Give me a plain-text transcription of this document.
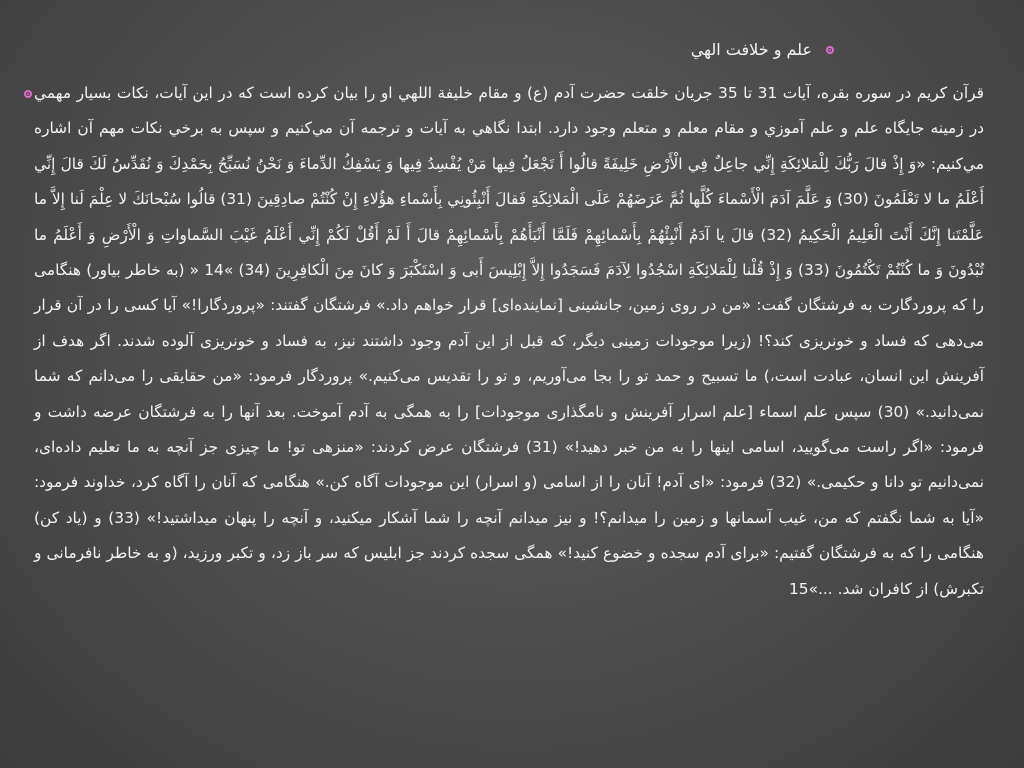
علم و خلافت الهي
قرآن كريم در سوره بقره، آيات 31 تا 35 جريان خلقت حضرت آدم (ع) و مقام خليفة اللهي او را بيان كرده است كه در اين آيات، نكات بسيار مهمي در زمينه جايگاه علم و علم آموزي و مقام معلم و متعلم وجود دارد. ابتدا نگاهي به آيات و ترجمه آن مي‌كنيم و سپس به برخي نكات مهم آن اشاره مي‌كنيم: «وَ إِذْ قالَ رَبُّكَ لِلْمَلائِكَةِ إِنِّي جاعِلٌ فِي الْأَرْضِ خَلِيفَةً قالُوا أَ تَجْعَلُ فِيها مَنْ يُفْسِدُ فِيها وَ يَسْفِكُ الدِّماءَ وَ نَحْنُ نُسَبِّحُ بِحَمْدِكَ وَ نُقَدِّسُ لَكَ قالَ إِنِّي أَعْلَمُ ما لا تَعْلَمُونَ (30) وَ عَلَّمَ آدَمَ الْأَسْماءَ كُلَّها ثُمَّ عَرَضَهُمْ عَلَى الْمَلائِكَةِ فَقالَ أَنْبِئُونِي بِأَسْماءِ هؤُلاءِ إِنْ كُنْتُمْ صادِقِينَ (31) قالُوا سُبْحانَكَ لا عِلْمَ لَنا إِلاَّ ما عَلَّمْتَنا إِنَّكَ أَنْتَ الْعَلِيمُ الْحَكِيمُ (32) قالَ يا آدَمُ أَنْبِئْهُمْ بِأَسْمائِهِمْ فَلَمَّا أَنْبَأَهُمْ بِأَسْمائِهِمْ قالَ أَ لَمْ أَقُلْ لَكُمْ إِنِّي أَعْلَمُ غَيْبَ السَّماواتِ وَ الْأَرْضِ وَ أَعْلَمُ ما تُبْدُونَ وَ ما كُنْتُمْ تَكْتُمُونَ (33) وَ إِذْ قُلْنا لِلْمَلائِكَةِ اسْجُدُوا لِآدَمَ فَسَجَدُوا إِلاَّ إِبْلِيسَ أَبى وَ اسْتَكْبَرَ وَ كانَ مِنَ الْكافِرِينَ (34) »14 « (به خاطر بياور) هنگامى را كه پروردگارت به فرشتگان گفت: «من در روى زمين، جانشينى [نماينده‌اى] قرار خواهم داد.» فرشتگان گفتند: «پروردگارا!» آيا كسى را در آن قرار مى‌دهى كه فساد و خونريزى كند؟! (زيرا موجودات زمينى ديگر، كه قبل از اين آدم وجود داشتند نيز، به فساد و خونريزى آلوده شدند. اگر هدف از آفرينش اين انسان، عبادت است،) ما تسبيح و حمد تو را بجا مى‌آوريم، و تو را تقديس مى‌كنيم.» پروردگار فرمود: «من حقايقى را مى‌دانم كه شما نمى‌دانيد.» (30) سپس علم اسماء [علم اسرار آفرينش و نامگذارى موجودات] را به همگى به آدم آموخت. بعد آنها را به فرشتگان عرضه داشت و فرمود: «اگر راست مى‌گوييد، اسامى اينها را به من خبر دهيد!» (31) فرشتگان عرض كردند: «منزهى تو! ما چيزى جز آنچه به ما تعليم داده‌اى، نمى‌دانيم تو دانا و حكيمى.» (32) فرمود: «اى آدم! آنان را از اسامى (و اسرار) اين موجودات آگاه كن.» هنگامى كه آنان را آگاه كرد، خداوند فرمود: «آيا به شما نگفتم كه من، غيب آسمانها و زمين را ميدانم؟! و نيز ميدانم آنچه را شما آشكار ميكنيد، و آنچه را پنهان ميداشتيد!» (33) و (ياد كن) هنگامى را كه به فرشتگان گفتيم: «براى آدم سجده و خضوع كنيد!» همگى سجده كردند جز ابليس كه سر باز زد، و تكبر ورزيد، (و به خاطر نافرمانى و تكبرش) از كافران شد. ...»15
